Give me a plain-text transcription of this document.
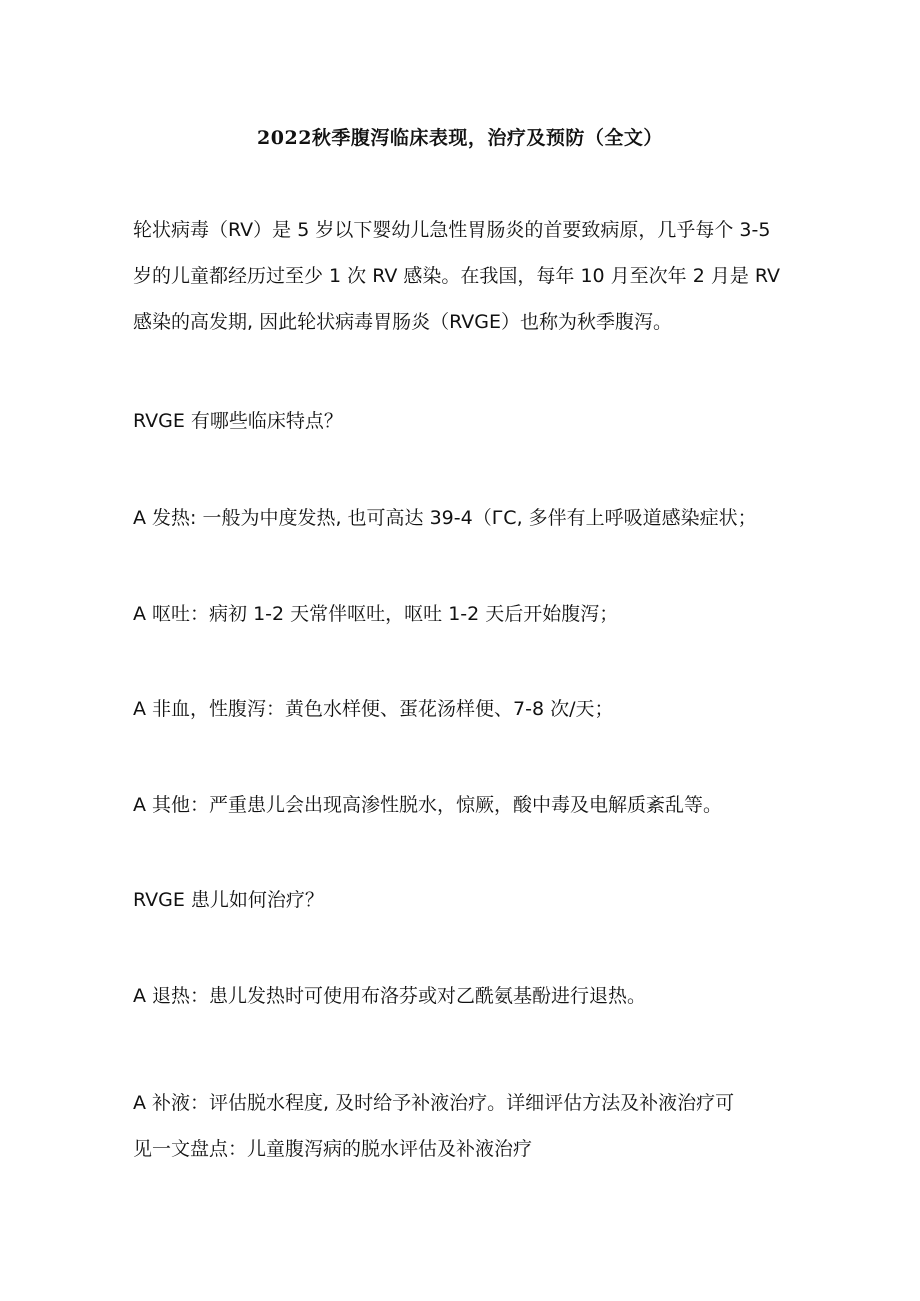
2022秋季腹泻临床表现，治疗及预防（全文）

轮状病毒（RV）是 5 岁以下婴幼儿急性胃肠炎的首要致病原，几乎每个 3-5
岁的儿童都经历过至少 1 次 RV 感染。在我国，每年 10 月至次年 2 月是 RV
感染的高发期, 因此轮状病毒胃肠炎（RVGE）也称为秋季腹泻。

RVGE 有哪些临床特点？

A 发热: 一般为中度发热, 也可高达 39-4（ГC, 多伴有上呼吸道感染症状；

A 呕吐：病初 1-2 天常伴呕吐，呕吐 1-2 天后开始腹泻；

A 非血，性腹泻：黄色水样便、蛋花汤样便、7-8 次/天；

A 其他：严重患儿会出现高渗性脱水，惊厥，酸中毒及电解质紊乱等。

RVGE 患儿如何治疗？

A 退热：患儿发热时可使用布洛芬或对乙酰氨基酚进行退热。

A 补液：评估脱水程度, 及时给予补液治疗。详细评估方法及补液治疗可
见一文盘点：儿童腹泻病的脱水评估及补液治疗
